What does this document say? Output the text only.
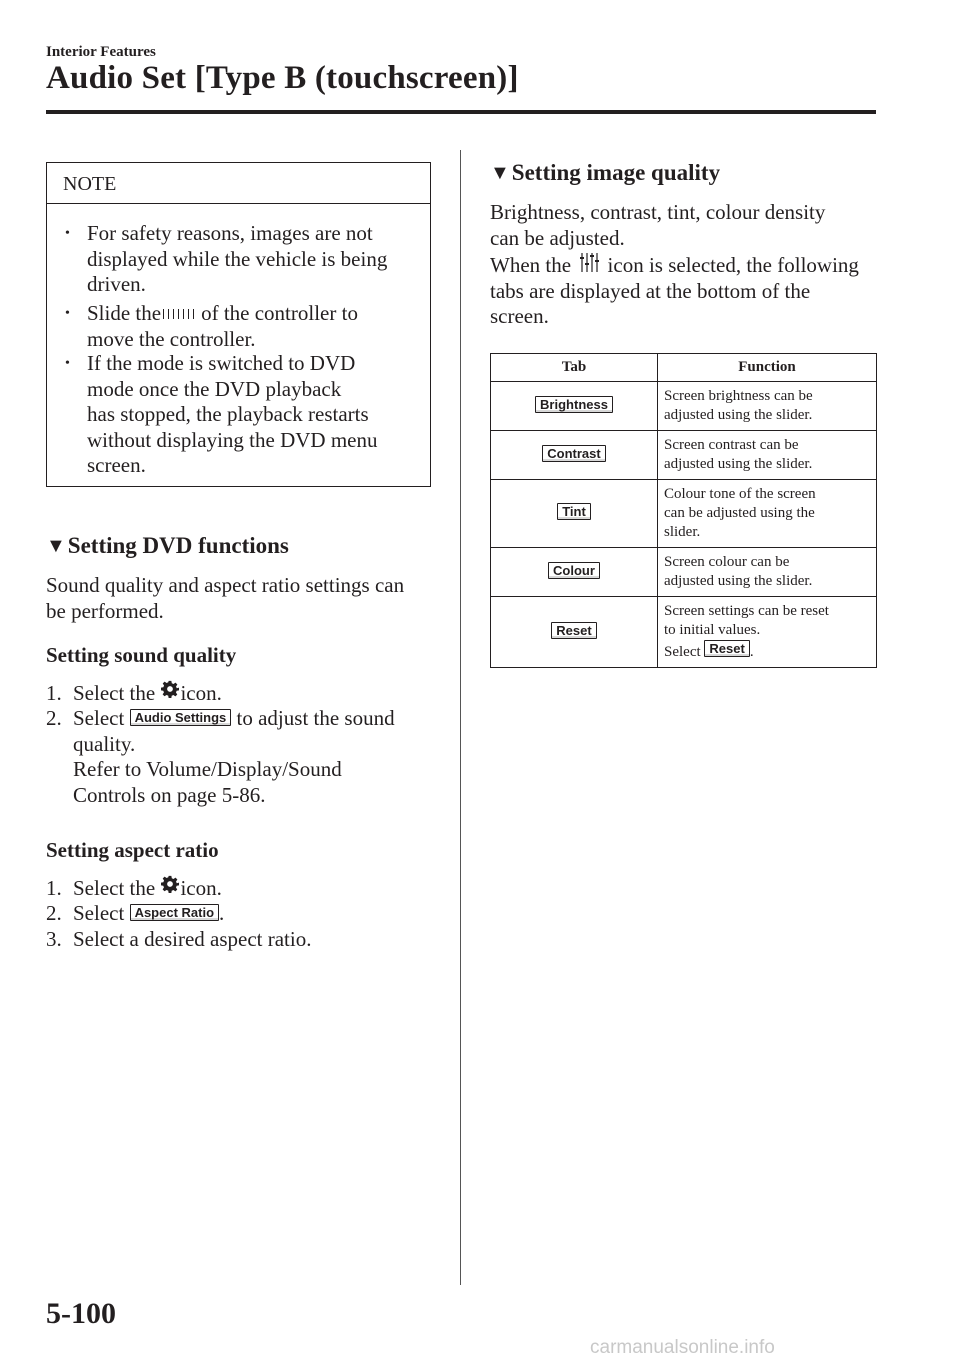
Interior Features
Audio Set [Type B (touchscreen)]
NOTE
• For safety reasons, images are not
displayed while the vehicle is being
driven.
• Slide the of the controller to
move the controller.
• If the mode is switched to DVD
mode once the DVD playback
has stopped, the playback restarts
without displaying the DVD menu
screen.
▼Setting DVD functions
Sound quality and aspect ratio settings can
be performed.
Setting sound quality
1. Select the icon.
2. Select Audio Settings to adjust the sound
quality.
Refer to Volume/Display/Sound
Controls on page 5-86.
Setting aspect ratio
1. Select the icon.
2. Select Aspect Ratio .
3. Select a desired aspect ratio.
▼Setting image quality
Brightness, contrast, tint, colour density
can be adjusted.
When the icon is selected, the following
tabs are displayed at the bottom of the
screen.
Tab	Function
Brightness	Screen brightness can be
adjusted using the slider.

Contrast	Screen contrast can be
adjusted using the slider.

Tint	Colour tone of the screen
can be adjusted using the
slider.

Colour	Screen colour can be
adjusted using the slider.

Reset	Screen settings can be reset
to initial values.
Select Reset .
5-100
carmanualsonline.info
